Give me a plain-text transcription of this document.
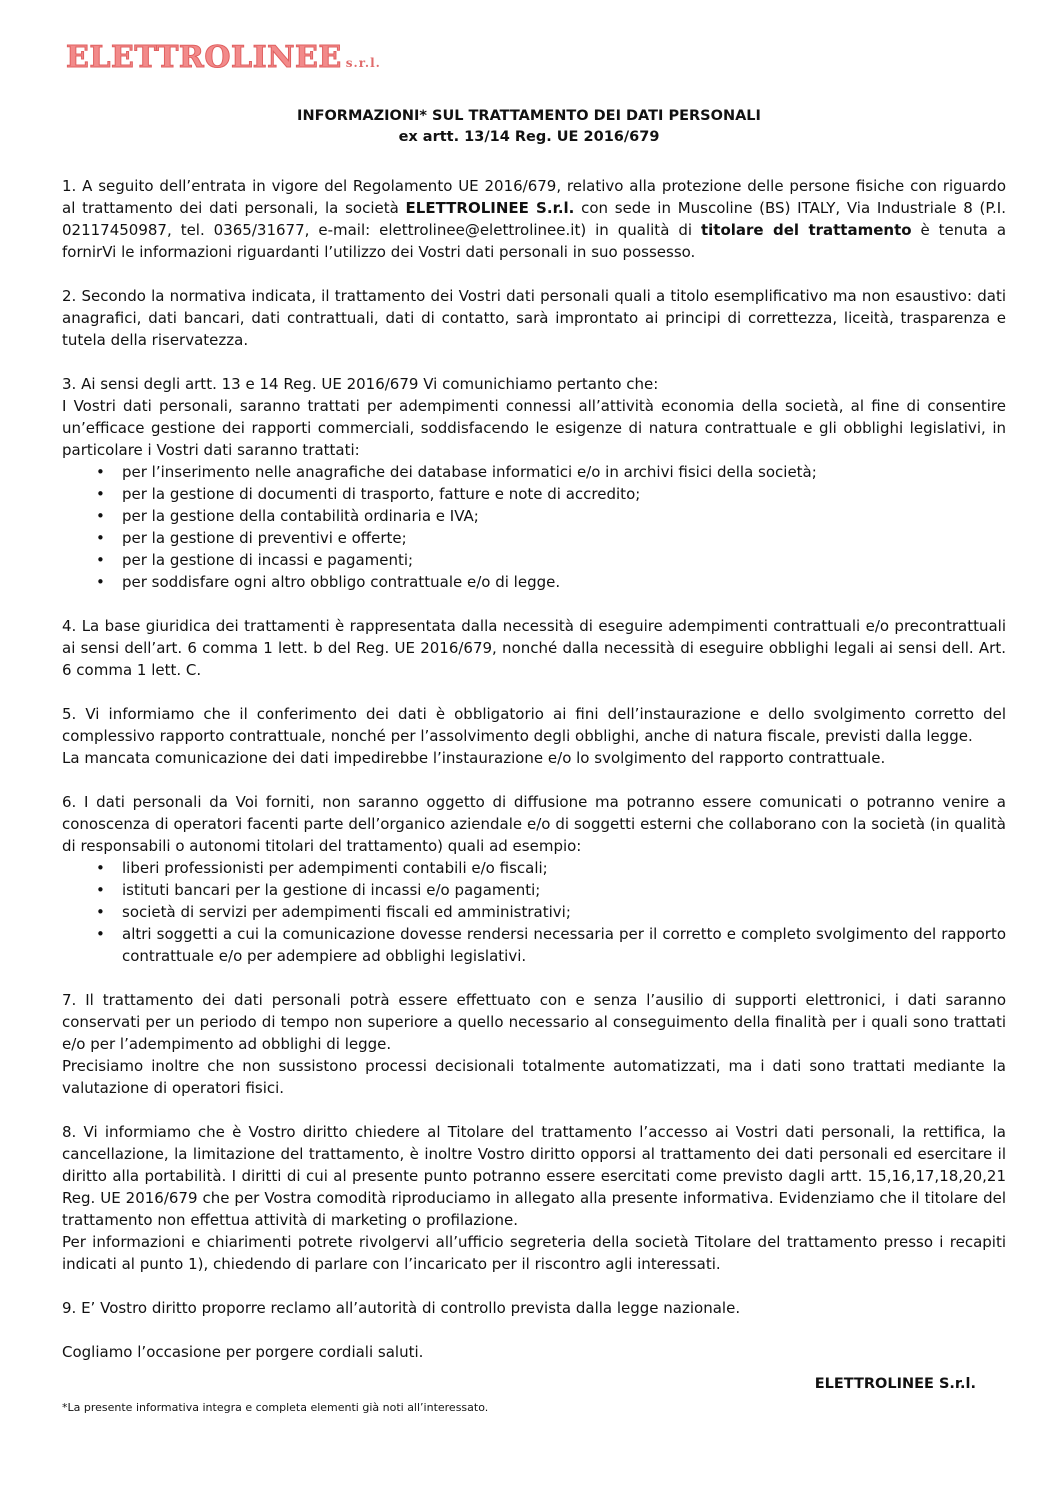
ELETTROLINEE s.r.l.
INFORMAZIONI* SUL TRATTAMENTO DEI DATI PERSONALI
ex artt. 13/14 Reg. UE 2016/679

1. A seguito dell’entrata in vigore del Regolamento UE 2016/679, relativo alla protezione delle persone fisiche con riguardo al trattamento dei dati personali, la società ELETTROLINEE S.r.l. con sede in Muscoline (BS) ITALY, Via Industriale 8 (P.I. 02117450987, tel. 0365/31677, e-mail: elettrolinee@elettrolinee.it) in qualità di titolare del trattamento è tenuta a fornirVi le informazioni riguardanti l’utilizzo dei Vostri dati personali in suo possesso.

2. Secondo la normativa indicata, il trattamento dei Vostri dati personali quali a titolo esemplificativo ma non esaustivo: dati anagrafici, dati bancari, dati contrattuali, dati di contatto, sarà improntato ai principi di correttezza, liceità, trasparenza e tutela della riservatezza.

3. Ai sensi degli artt. 13 e 14 Reg. UE 2016/679 Vi comunichiamo pertanto che:

I Vostri dati personali, saranno trattati per adempimenti connessi all’attività economia della società, al fine di consentire un’efficace gestione dei rapporti commerciali, soddisfacendo le esigenze di natura contrattuale e gli obblighi legislativi, in particolare i Vostri dati saranno trattati:

• per l’inserimento nelle anagrafiche dei database informatici e/o in archivi fisici della società;
• per la gestione di documenti di trasporto, fatture e note di accredito;
• per la gestione della contabilità ordinaria e IVA;
• per la gestione di preventivi e offerte;
• per la gestione di incassi e pagamenti;
• per soddisfare ogni altro obbligo contrattuale e/o di legge.

4. La base giuridica dei trattamenti è rappresentata dalla necessità di eseguire adempimenti contrattuali e/o precontrattuali ai sensi dell’art. 6 comma 1 lett. b del Reg. UE 2016/679, nonché dalla necessità di eseguire obblighi legali ai sensi dell. Art. 6 comma 1 lett. C.

5. Vi informiamo che il conferimento dei dati è obbligatorio ai fini dell’instaurazione e dello svolgimento corretto del complessivo rapporto contrattuale, nonché per l’assolvimento degli obblighi, anche di natura fiscale, previsti dalla legge.

La mancata comunicazione dei dati impedirebbe l’instaurazione e/o lo svolgimento del rapporto contrattuale.

6. I dati personali da Voi forniti, non saranno oggetto di diffusione ma potranno essere comunicati o potranno venire a conoscenza di operatori facenti parte dell’organico aziendale e/o di soggetti esterni che collaborano con la società (in qualità di responsabili o autonomi titolari del trattamento) quali ad esempio:

• liberi professionisti per adempimenti contabili e/o fiscali;
• istituti bancari per la gestione di incassi e/o pagamenti;
• società di servizi per adempimenti fiscali ed amministrativi;
• altri soggetti a cui la comunicazione dovesse rendersi necessaria per il corretto e completo svolgimento del rapporto contrattuale e/o per adempiere ad obblighi legislativi.

7. Il trattamento dei dati personali potrà essere effettuato con e senza l’ausilio di supporti elettronici, i dati saranno conservati per un periodo di tempo non superiore a quello necessario al conseguimento della finalità per i quali sono trattati e/o per l’adempimento ad obblighi di legge.

Precisiamo inoltre che non sussistono processi decisionali totalmente automatizzati, ma i dati sono trattati mediante la valutazione di operatori fisici.

8. Vi informiamo che è Vostro diritto chiedere al Titolare del trattamento l’accesso ai Vostri dati personali, la rettifica, la cancellazione, la limitazione del trattamento, è inoltre Vostro diritto opporsi al trattamento dei dati personali ed esercitare il diritto alla portabilità. I diritti di cui al presente punto potranno essere esercitati come previsto dagli artt. 15,16,17,18,20,21 Reg. UE 2016/679 che per Vostra comodità riproduciamo in allegato alla presente informativa. Evidenziamo che il titolare del trattamento non effettua attività di marketing o profilazione.

Per informazioni e chiarimenti potrete rivolgervi all’ufficio segreteria della società Titolare del trattamento presso i recapiti indicati al punto 1), chiedendo di parlare con l’incaricato per il riscontro agli interessati.

9. E’ Vostro diritto proporre reclamo all’autorità di controllo prevista dalla legge nazionale.

Cogliamo l’occasione per porgere cordiali saluti.

ELETTROLINEE S.r.l.
*La presente informativa integra e completa elementi già noti all’interessato.
